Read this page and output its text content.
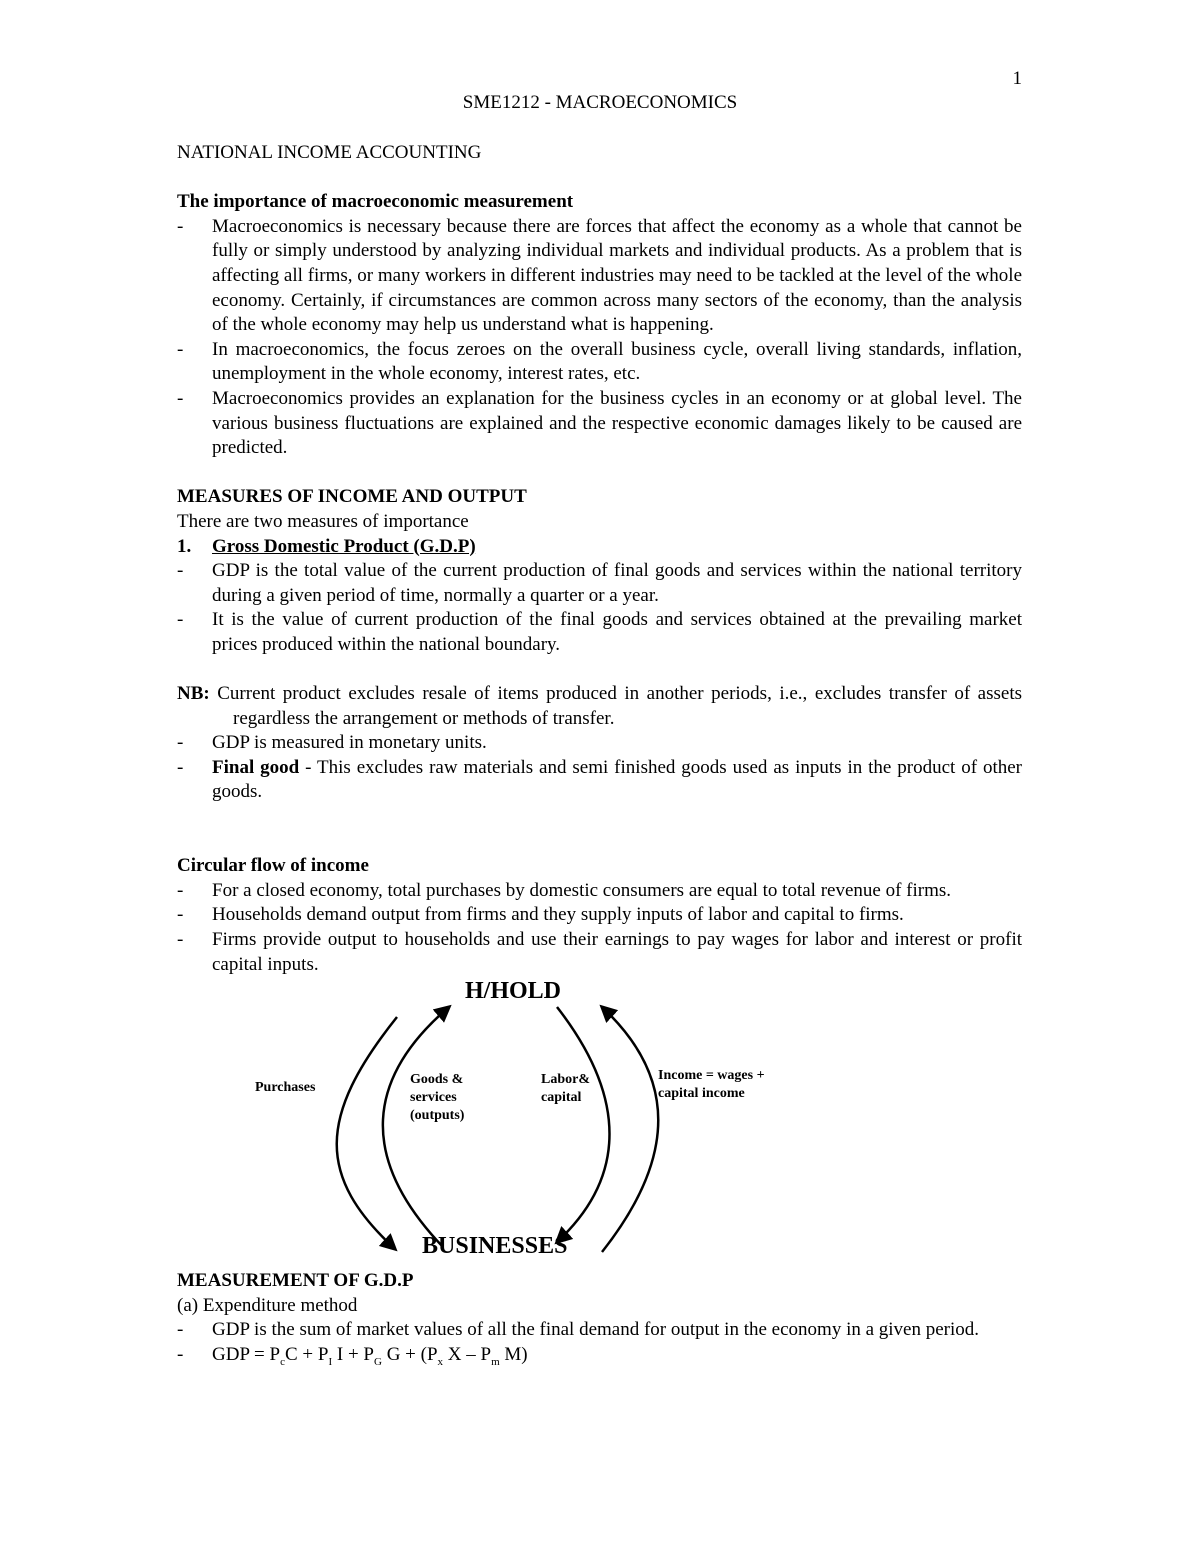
1
SME1212 - MACROECONOMICS
NATIONAL INCOME ACCOUNTING
The importance of macroeconomic measurement
- Macroeconomics is necessary because there are forces that affect the economy as a whole that cannot be fully or simply understood by analyzing individual markets and individual products. As a problem that is affecting all firms, or many workers in different industries may need to be tackled at the level of the whole economy. Certainly, if circumstances are common across many sectors of the economy, than the analysis of the whole economy may help us understand what is happening.
- In macroeconomics, the focus zeroes on the overall business cycle, overall living standards, inflation, unemployment in the whole economy, interest rates, etc.
- Macroeconomics provides an explanation for the business cycles in an economy or at global level. The various business fluctuations are explained and the respective economic damages likely to be caused are predicted.
MEASURES OF INCOME AND OUTPUT
There are two measures of importance
1. Gross Domestic Product (G.D.P)
- GDP is the total value of the current production of final goods and services within the national territory during a given period of time, normally a quarter or a year.
- It is the value of current production of the final goods and services obtained at the prevailing market prices produced within the national boundary.
NB: Current product excludes resale of items produced in another periods, i.e., excludes transfer of assets regardless the arrangement or methods of transfer.
- GDP is measured in monetary units.
- Final good - This excludes raw materials and semi finished goods used as inputs in the product of other goods.
Circular flow of income
- For a closed economy, total purchases by domestic consumers are equal to total revenue of firms.
- Households demand output from firms and they supply inputs of labor and capital to firms.
- Firms provide output to households and use their earnings to pay wages for labor and interest or profit capital inputs.
H/HOLD
BUSINESSES
Purchases
Goods &
services
(outputs)
Labor&
capital
Income = wages +
capital income
MEASUREMENT OF G.D.P
(a) Expenditure method
- GDP is the sum of market values of all the final demand for output in the economy in a given period.
- GDP = $P_cC + P_I$ $I + P_G$ $G + (P_x$ X – $P_m$ M)
